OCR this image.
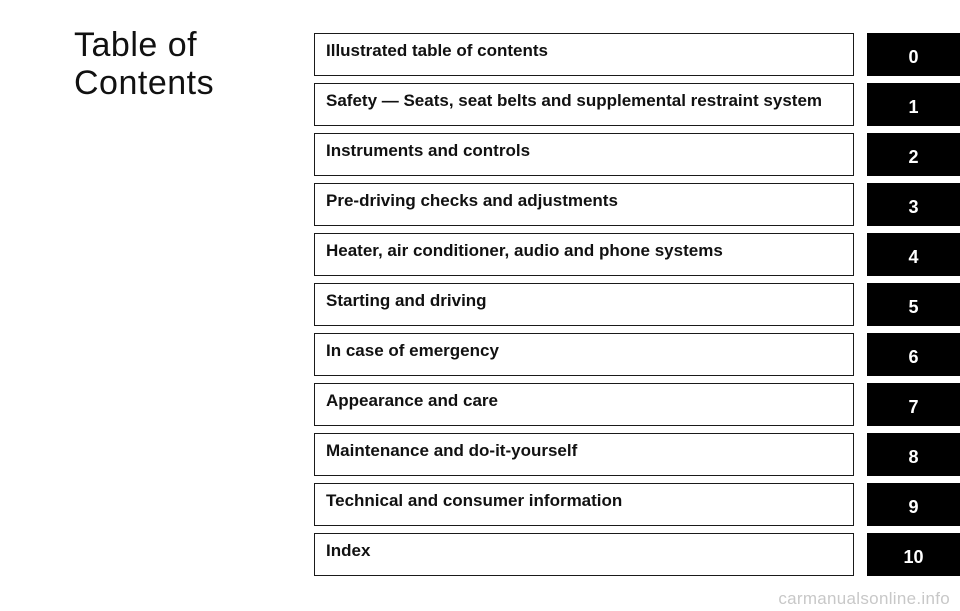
Table of
Contents
Illustrated table of contents	0
Safety — Seats, seat belts and supplemental restraint system	1
Instruments and controls	2
Pre-driving checks and adjustments	3
Heater, air conditioner, audio and phone systems	4
Starting and driving	5
In case of emergency	6
Appearance and care	7
Maintenance and do-it-yourself	8
Technical and consumer information	9
Index	10
carmanualsonline.info
